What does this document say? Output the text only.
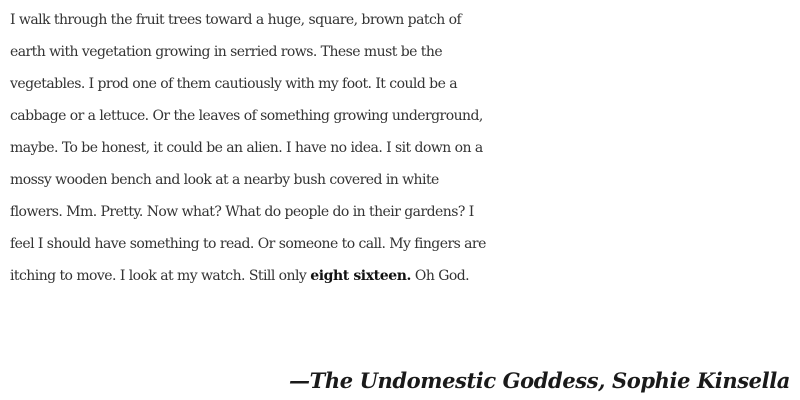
I walk through the fruit trees toward a huge, square, brown patch of
earth with vegetation growing in serried rows. These must be the
vegetables. I prod one of them cautiously with my foot. It could be a
cabbage or a lettuce. Or the leaves of something growing underground,
maybe. To be honest, it could be an alien. I have no idea. I sit down on a
mossy wooden bench and look at a nearby bush covered in white
flowers. Mm. Pretty. Now what? What do people do in their gardens? I
feel I should have something to read. Or someone to call. My fingers are
itching to move. I look at my watch. Still only eight sixteen. Oh God.

—The Undomestic Goddess, Sophie Kinsella
